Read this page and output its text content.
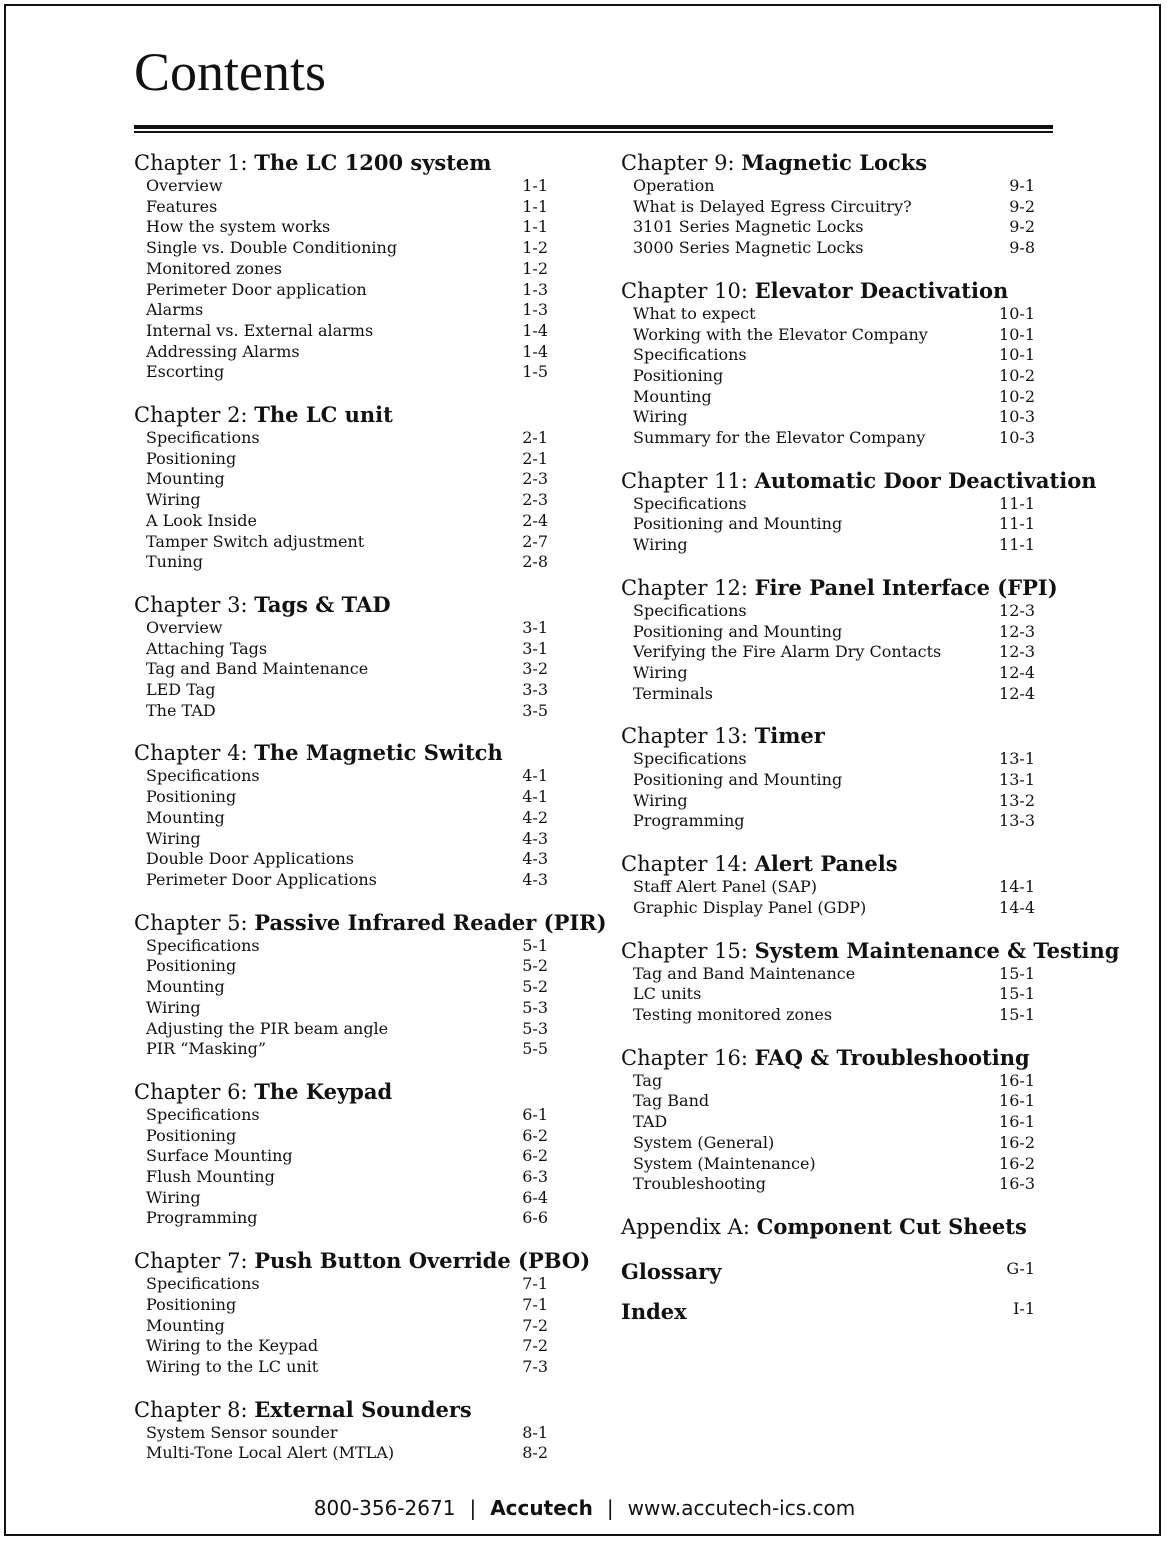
Contents
Chapter 1: The LC 1200 system
Overview	1-1
Features	1-1
How the system works	1-1
Single vs. Double Conditioning	1-2
Monitored zones	1-2
Perimeter Door application	1-3
Alarms	1-3
Internal vs. External alarms	1-4
Addressing Alarms	1-4
Escorting	1-5
Chapter 2: The LC unit
Specifications	2-1
Positioning	2-1
Mounting	2-3
Wiring	2-3
A Look Inside	2-4
Tamper Switch adjustment	2-7
Tuning	2-8
Chapter 3: Tags & TAD
Overview	3-1
Attaching Tags	3-1
Tag and Band Maintenance	3-2
LED Tag	3-3
The TAD	3-5
Chapter 4: The Magnetic Switch
Specifications	4-1
Positioning	4-1
Mounting	4-2
Wiring	4-3
Double Door Applications	4-3
Perimeter Door Applications	4-3
Chapter 5: Passive Infrared Reader (PIR)
Specifications	5-1
Positioning	5-2
Mounting	5-2
Wiring	5-3
Adjusting the PIR beam angle	5-3
PIR “Masking”	5-5
Chapter 6: The Keypad
Specifications	6-1
Positioning	6-2
Surface Mounting	6-2
Flush Mounting	6-3
Wiring	6-4
Programming	6-6
Chapter 7: Push Button Override (PBO)
Specifications	7-1
Positioning	7-1
Mounting	7-2
Wiring to the Keypad	7-2
Wiring to the LC unit	7-3
Chapter 8: External Sounders
System Sensor sounder	8-1
Multi-Tone Local Alert (MTLA)	8-2
Chapter 9: Magnetic Locks
Operation	9-1
What is Delayed Egress Circuitry?	9-2
3101 Series Magnetic Locks	9-2
3000 Series Magnetic Locks	9-8
Chapter 10: Elevator Deactivation
What to expect	10-1
Working with the Elevator Company	10-1
Specifications	10-1
Positioning	10-2
Mounting	10-2
Wiring	10-3
Summary for the Elevator Company	10-3
Chapter 11: Automatic Door Deactivation
Specifications	11-1
Positioning and Mounting	11-1
Wiring	11-1
Chapter 12: Fire Panel Interface (FPI)
Specifications	12-3
Positioning and Mounting	12-3
Verifying the Fire Alarm Dry Contacts	12-3
Wiring	12-4
Terminals	12-4
Chapter 13: Timer
Specifications	13-1
Positioning and Mounting	13-1
Wiring	13-2
Programming	13-3
Chapter 14: Alert Panels
Staff Alert Panel (SAP)	14-1
Graphic Display Panel (GDP)	14-4
Chapter 15: System Maintenance & Testing
Tag and Band Maintenance	15-1
LC units	15-1
Testing monitored zones	15-1
Chapter 16: FAQ & Troubleshooting
Tag	16-1
Tag Band	16-1
TAD	16-1
System (General)	16-2
System (Maintenance)	16-2
Troubleshooting	16-3
Appendix A: Component Cut Sheets
Glossary	G-1
Index	I-1
800-356-2671 | Accutech | www.accutech-ics.com
